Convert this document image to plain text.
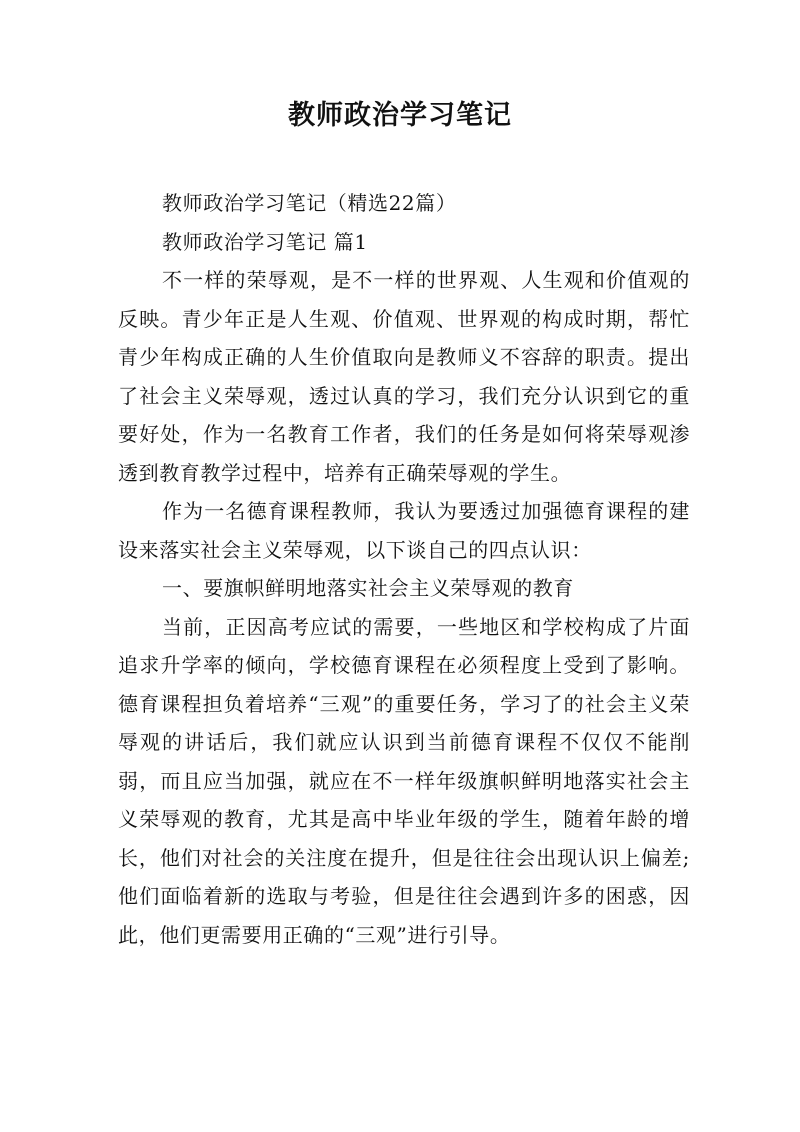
教师政治学习笔记

教师政治学习笔记（精选22篇）

教师政治学习笔记 篇1

不一样的荣辱观，是不一样的世界观、人生观和价值观的反映。青少年正是人生观、价值观、世界观的构成时期，帮忙青少年构成正确的人生价值取向是教师义不容辞的职责。提出了社会主义荣辱观，透过认真的学习，我们充分认识到它的重要好处，作为一名教育工作者，我们的任务是如何将荣辱观渗透到教育教学过程中，培养有正确荣辱观的学生。

作为一名德育课程教师，我认为要透过加强德育课程的建设来落实社会主义荣辱观，以下谈自己的四点认识：

一、要旗帜鲜明地落实社会主义荣辱观的教育

当前，正因高考应试的需要，一些地区和学校构成了片面追求升学率的倾向，学校德育课程在必须程度上受到了影响。德育课程担负着培养“三观”的重要任务，学习了的社会主义荣辱观的讲话后，我们就应认识到当前德育课程不仅仅不能削弱，而且应当加强，就应在不一样年级旗帜鲜明地落实社会主义荣辱观的教育，尤其是高中毕业年级的学生，随着年龄的增长，他们对社会的关注度在提升，但是往往会出现认识上偏差;他们面临着新的选取与考验，但是往往会遇到许多的困惑，因此，他们更需要用正确的“三观”进行引导。
